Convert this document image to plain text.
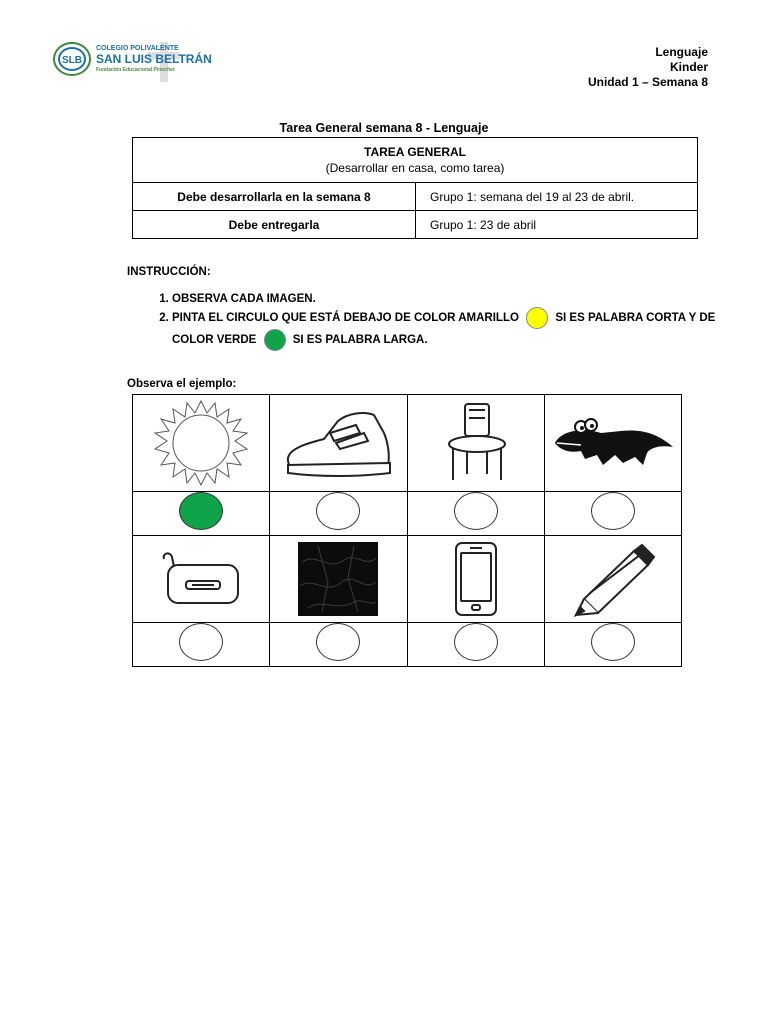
SLB
COLEGIO POLIVALENTE
SAN LUIS BELTRÁN
Fundación Educacional Pinochet
Lenguaje
Kinder
Unidad 1 – Semana 8
Tarea General semana 8 - Lenguaje
TAREA GENERAL
(Desarrollar en casa, como tarea)	

Debe desarrollarla en la semana 8	Grupo 1: semana del 19 al 23 de abril.
Debe entregarla	Grupo 1: 23 de abril
INSTRUCCIÓN:
1. OBSERVA CADA IMAGEN.
2. PINTA EL CIRCULO QUE ESTÁ DEBAJO DE COLOR AMARILLO	SI ES PALABRA CORTA Y DE COLOR VERDE	SI ES PALABRA LARGA.
Observa el ejemplo:
